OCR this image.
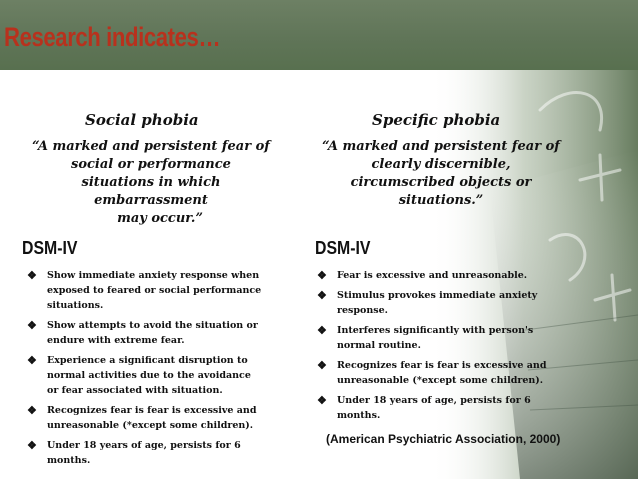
Research indicates…
Social phobia
“A marked and persistent fear of
social or performance
situations in which
embarrassment
may occur.”
DSM-IV
❖ Show immediate anxiety response when
exposed to feared or social performance
situations.
❖ Show attempts to avoid the situation or
endure with extreme fear.
❖ Experience a significant disruption to
normal activities due to the avoidance
or fear associated with situation.
❖ Recognizes fear is fear is excessive and
unreasonable (*except some children).
❖ Under 18 years of age, persists for 6
months.
Specific phobia
“A marked and persistent fear of
clearly discernible,
circumscribed objects or
situations.”
DSM-IV
❖ Fear is excessive and unreasonable.
❖ Stimulus provokes immediate anxiety
response.
❖ Interferes significantly with person's
normal routine.
❖ Recognizes fear is fear is excessive and
unreasonable (*except some children).
❖ Under 18 years of age, persists for 6
months.
(American Psychiatric Association, 2000)
